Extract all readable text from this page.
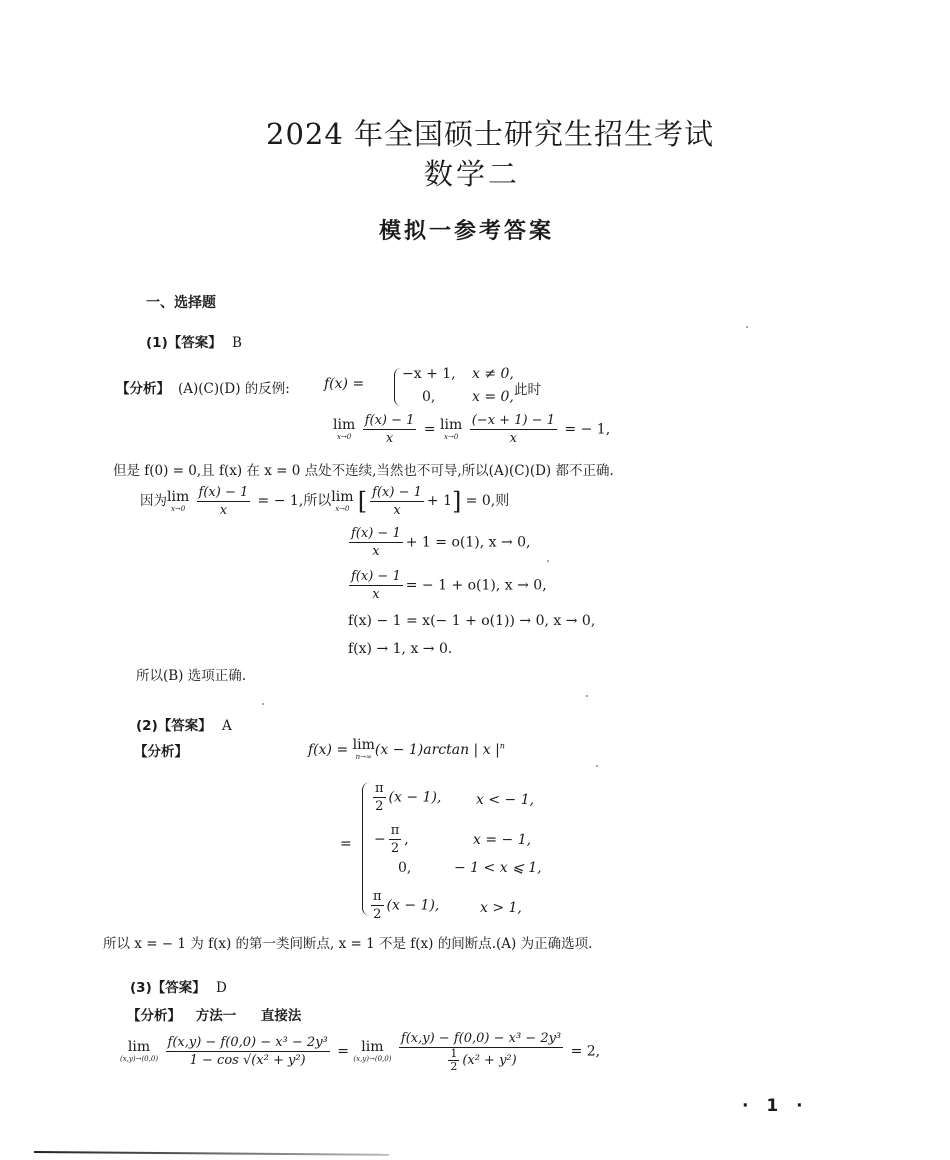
2024 年全国硕士研究生招生考试
数学二
模拟一参考答案
一、选择题
(1)【答案】 B
【分析】 (A)(C)(D) 的反例: f(x) =
−x + 1, x ≠ 0,
0,	x = 0, 此时
lim
x→0
$\frac{f(x) - 1}{x} = \lim$
x→0
$\frac{(-x + 1) - 1}{x}$ = − 1,
但是 f(0) = 0,且 f(x) 在 x = 0 点处不连续,当然也不可导,所以(A)(C)(D) 都不正确.
因为 lim
x→0
$\frac{f(x) - 1}{x}$ = − 1,所以 lim
x→0 [ $\frac{f(x) - 1}{x} + 1] = 0$,则
$\frac{f(x) - 1}{x} + 1 = o(1)$, x → 0,
$\frac{f(x) - 1}{x}$ = − 1 + o(1), x → 0,
f(x) − 1 = x(− 1 + o(1)) → 0, x → 0,
f(x) → 1, x → 0.
所以(B) 选项正确.
(2)【答案】 A
【分析】	f(x) = lim
n→∞ (x − 1)arctan | x $|^n$
=
$\frac{\pi}{2} (x - 1)$, x < − 1,
− $\frac{\pi}{2}$ ,	x = − 1,
0,	− 1 < x ⩽ 1,
$\frac{\pi}{2} (x - 1)$,	x > 1,
所以 x = − 1 为 f(x) 的第一类间断点, x = 1 不是 f(x) 的间断点.(A) 为正确选项.
(3)【答案】 D
【分析】 方法一 直接法
lim
(x,y)→(0,0)
$\frac{\text{f(x,y) − f(0,0) − x³ − 2y³}}{\text{1 − cos √(x² + y²)}} = \lim$
(x,y)→(0,0)
$\frac{\text{f(x,y) − f(0,0) − x³ − 2y³}}{\frac{1}{2} (x^2 + y^2)} = 2$,
· 1 ·
